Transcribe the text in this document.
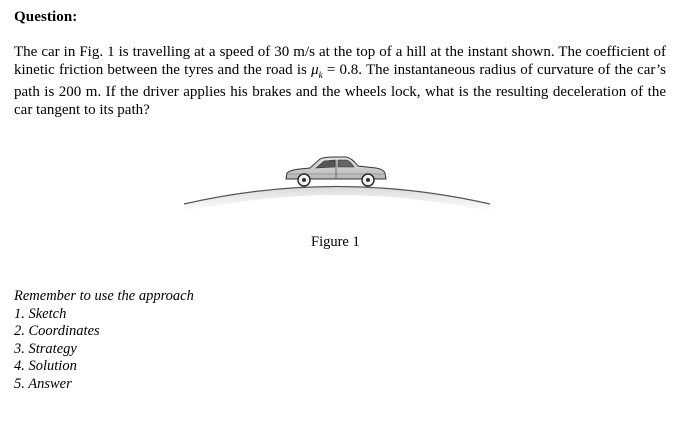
Question:
The car in Fig. 1 is travelling at a speed of 30 m/s at the top of a hill at the instant shown. The coefficient of kinetic friction between the tyres and the road is $\mu_k = 0.8$. The instantaneous radius of curvature of the car’s path is 200 m. If the driver applies his brakes and the wheels lock, what is the resulting deceleration of the car tangent to its path?
Figure 1
Remember to use the approach
1. Sketch
2. Coordinates
3. Strategy
4. Solution
5. Answer
